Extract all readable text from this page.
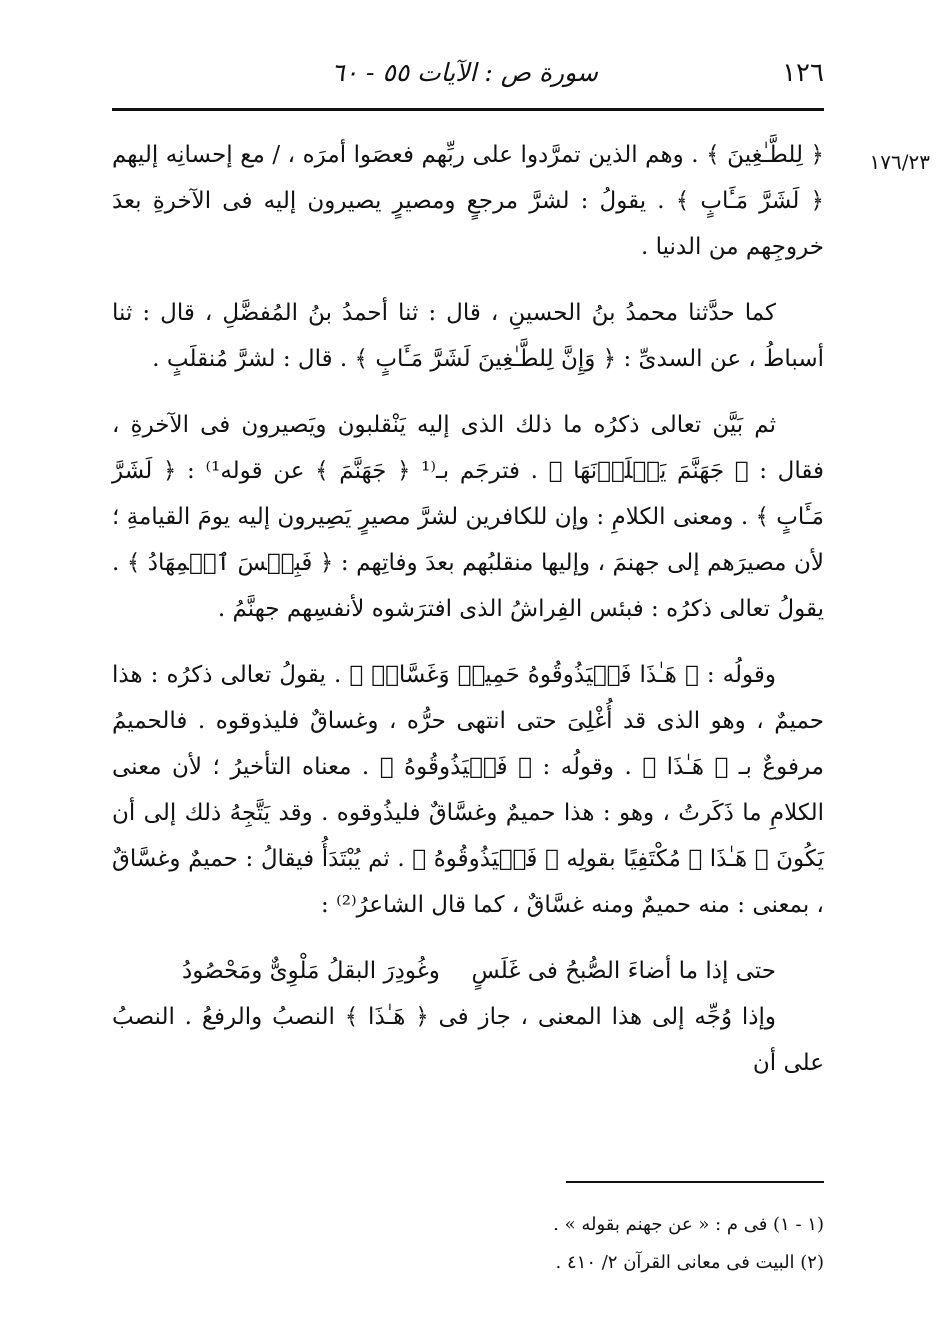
١٢٦
سورة ص : الآيات ٥٥ - ٦٠
١٧٦/٢٣

﴿ لِلطَّـٰغِينَ ﴾ . وهم الذين تمرَّدوا على ربِّهم فعصَوا أمرَه ، / مع إحسانِه إليهم ﴿ لَشَرَّ مَـَٔابٍ ﴾ . يقولُ : لشرَّ مرجعٍ ومصيرٍ يصيرون إليه فى الآخرةِ بعدَ خروجِهم من الدنيا .

كما حدَّثنا محمدُ بنُ الحسينِ ، قال : ثنا أحمدُ بنُ المُفضَّلِ ، قال : ثنا أسباطُ ، عن السدىِّ : ﴿ وَإِنَّ لِلطَّـٰغِينَ لَشَرَّ مَـَٔابٍ ﴾ . قال : لشرَّ مُنقلَبٍ .

ثم بَيَّن تعالى ذكرُه ما ذلك الذى إليه يَنْقلبون ويَصيرون فى الآخرةِ ، فقال : ﴿ جَهَنَّمَ يَصۡلَوۡنَهَا ﴾ . فترجَم بـ⁽¹ ﴿ جَهَنَّمَ ﴾ عن قوله¹⁾ : ﴿ لَشَرَّ مَـَٔابٍ ﴾ . ومعنى الكلامِ : وإن للكافرين لشرَّ مصيرٍ يَصِيرون إليه يومَ القيامةِ ؛ لأن مصيرَهم إلى جهنمَ ، وإليها منقلبُهم بعدَ وفاتِهم : ﴿ فَبِئۡسَ ٱلۡمِهَادُ ﴾ . يقولُ تعالى ذكرُه : فبئس الفِراشُ الذى افترَشوه لأنفسِهم جهنَّمُ .

وقولُه : ﴿ هَـٰذَا فَلۡيَذُوقُوهُ حَمِيمٞ وَغَسَّاقٞ ﴾ . يقولُ تعالى ذكرُه : هذا حميمٌ ، وهو الذى قد أُغْلِىَ حتى انتهى حرُّه ، وغساقٌ فليذوقوه . فالحميمُ مرفوعٌ بـ ﴿ هَـٰذَا ﴾ . وقولُه : ﴿ فَلۡيَذُوقُوهُ ﴾ . معناه التأخيرُ ؛ لأن معنى الكلامِ ما ذَكَرتُ ، وهو : هذا حميمٌ وغسَّاقٌ فليذُوقوه . وقد يَتَّجِهُ ذلك إلى أن يَكُونَ ﴿ هَـٰذَا ﴾ مُكْتَفِيًا بقولِه ﴿ فَلۡيَذُوقُوهُ ﴾ . ثم يُبْتَدَأُ فيقالُ : حميمٌ وغسَّاقٌ ، بمعنى : منه حميمٌ ومنه غسَّاقٌ ، كما قال الشاعرُ⁽²⁾ :

حتى إذا ما أضاءَ الصُّبحُ فى غَلَسٍ
وغُودِرَ البقلُ مَلْوِىٌّ ومَحْصُودُ

وإذا وُجِّه إلى هذا المعنى ، جاز فى ﴿ هَـٰذَا ﴾ النصبُ والرفعُ . النصبُ على أن

(١ - ١) فى م : « عن جهنم بقوله » .
(٢) البيت فى معانى القرآن ٢/ ٤١٠ .
